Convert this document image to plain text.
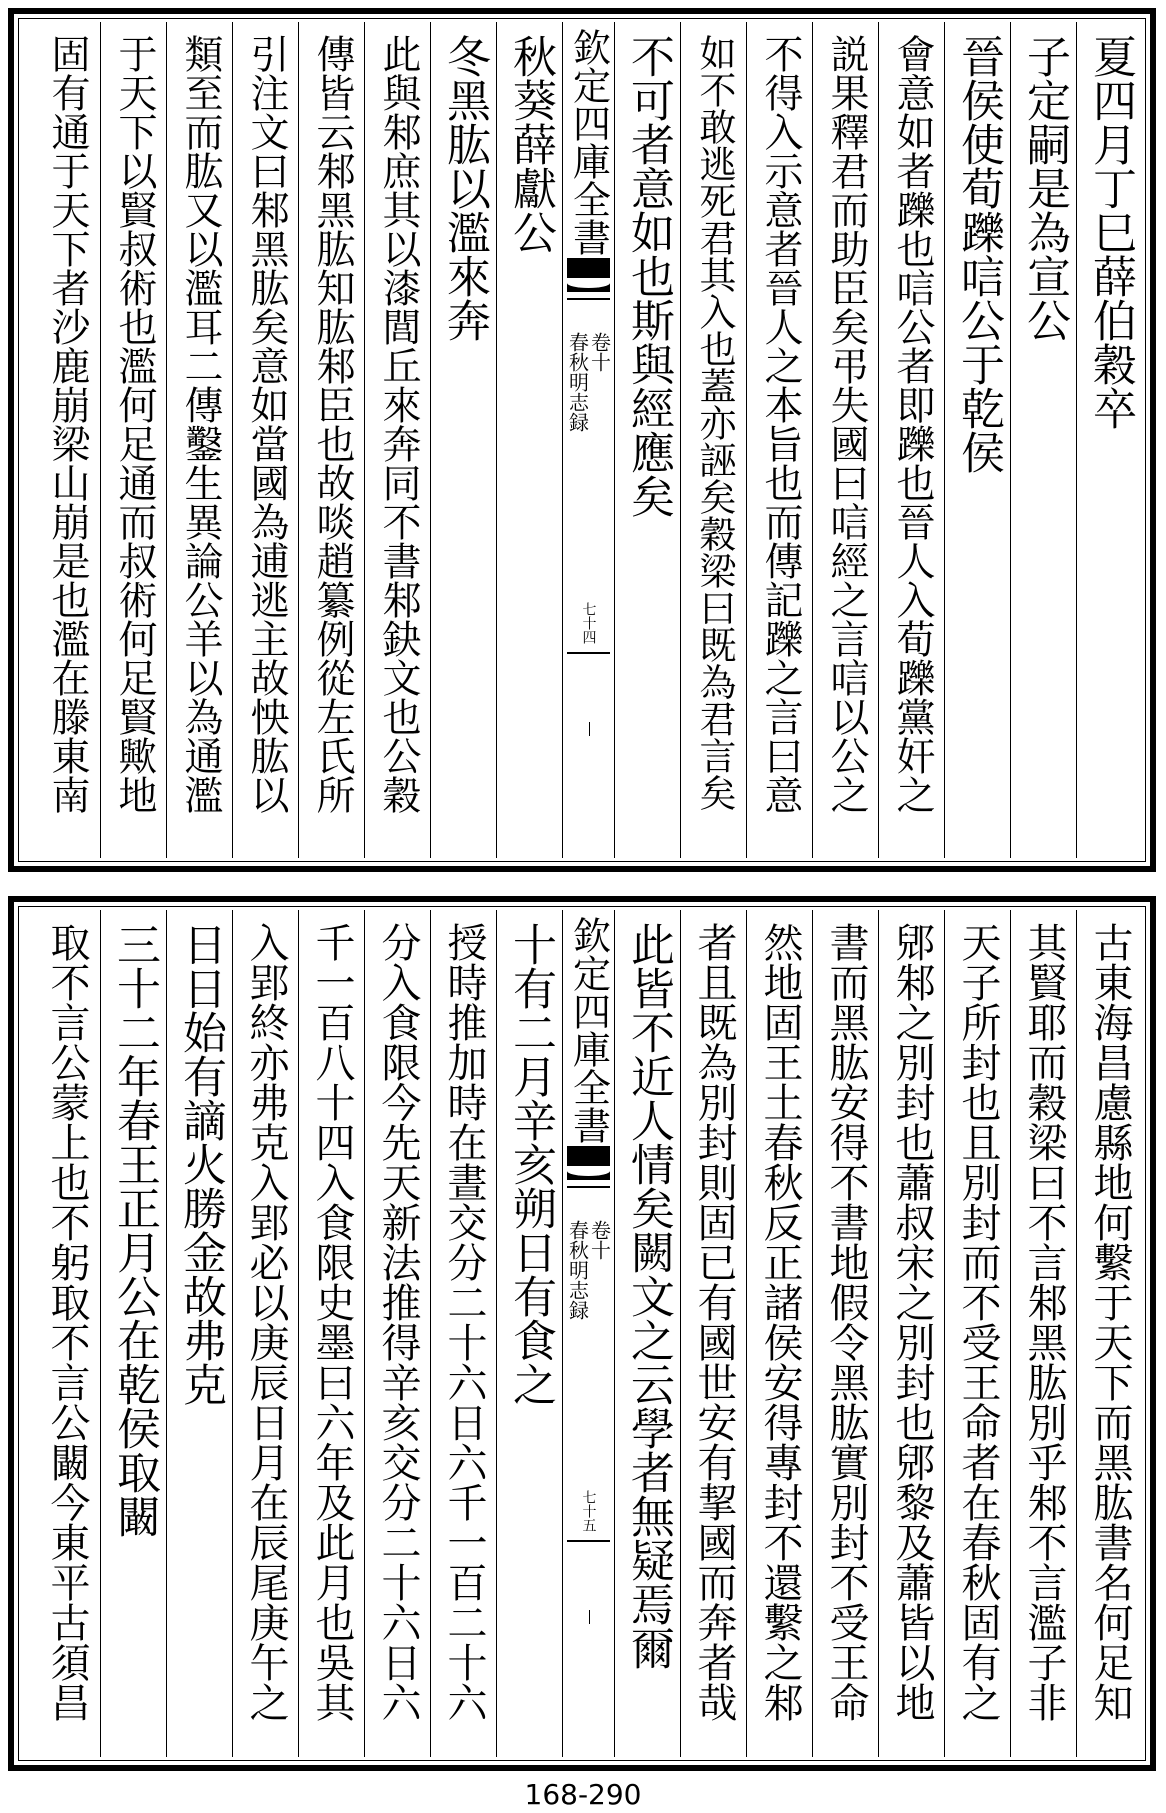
夏四月丁巳薛伯穀卒
子定嗣是為宣公
晉侯使荀躒唁公于乾侯
會意如者躒也唁公者即躒也晉人入荀躒黨奸之
説果釋君而助臣矣弔失國曰唁經之言唁以公之
不得入示意者晉人之本旨也而傳記躒之言曰意
如不敢逃死君其入也蓋亦誣矣穀梁曰既為君言矣
不可者意如也斯與經應矣
欽定四庫全書
春秋明志録
卷十
七十四
秋葵薛獻公
冬黑肱以濫來奔
此與邾庶其以漆閭丘來奔同不書邾鈌文也公穀
傳皆云邾黑肱知肱邾臣也故啖趙纂例從左氏所
引注文曰邾黑肱矣意如當國為逋逃主故怏肱以
類至而肱又以濫耳二傳鑿生異論公羊以為通濫
于天下以賢叔術也濫何足通而叔術何足賢歟地
固有通于天下者沙鹿崩梁山崩是也濫在滕東南
古東海昌慮縣地何繫于天下而黑肱書名何足知
其賢耶而穀梁曰不言邾黑肱別乎邾不言濫子非
天子所封也且別封而不受王命者在春秋固有之
郳邾之別封也蕭叔宋之別封也郳黎及蕭皆以地
書而黑肱安得不書地假令黑肱實別封不受王命
然地固王土春秋反正諸侯安得專封不還繫之邾
者且既為別封則固已有國世安有挈國而奔者哉
此皆不近人情矣闕文之云學者無疑焉爾
欽定四庫全書
春秋明志録
卷十
七十五
十有二月辛亥朔日有食之
授時推加時在晝交分二十六日六千一百二十六
分入食限今先天新法推得辛亥交分二十六日六
千一百八十四入食限史墨曰六年及此月也吳其
入郢終亦弗克入郢必以庚辰日月在辰尾庚午之
日日始有謫火勝金故弗克
三十二年春王正月公在乾侯取闞
取不言公蒙上也不躬取不言公闞今東平古須昌
168-290
